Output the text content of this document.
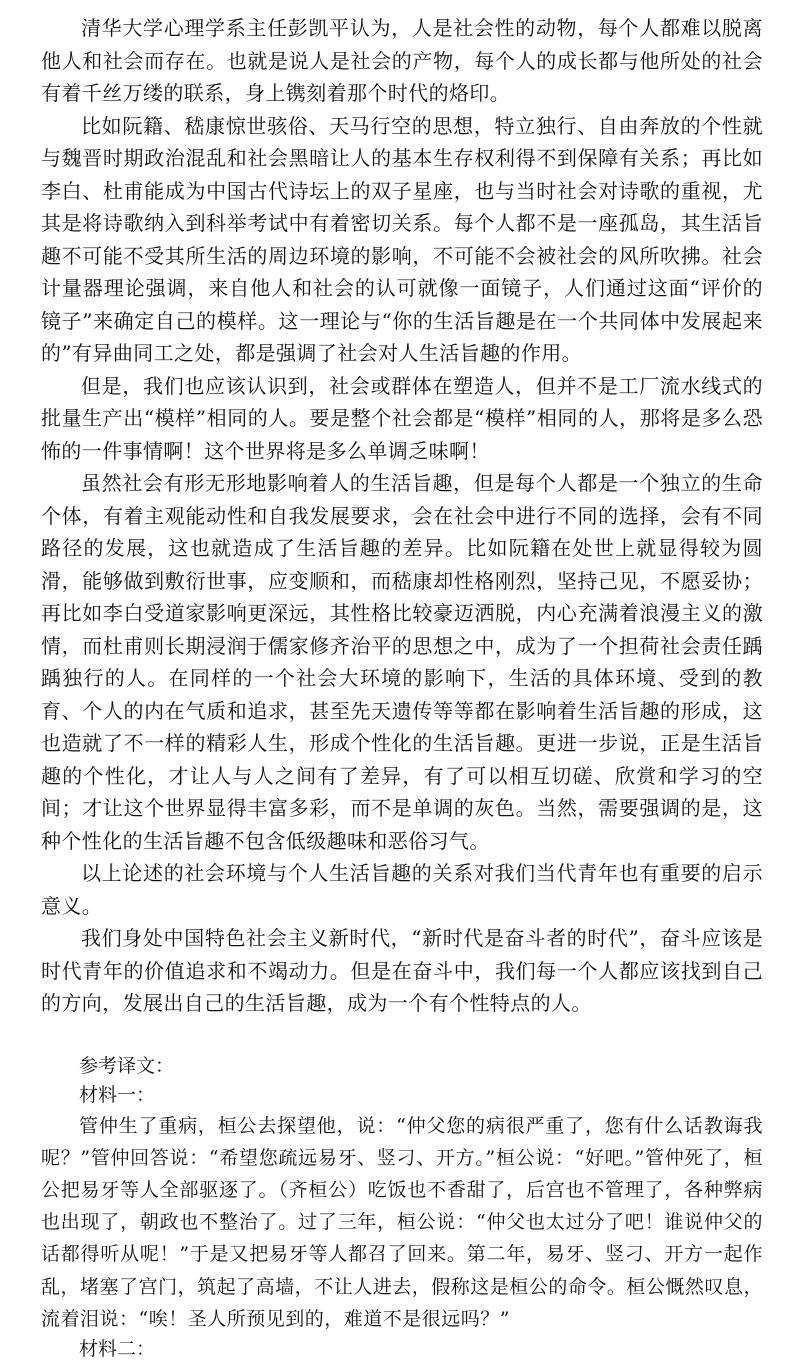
清华大学心理学系主任彭凯平认为，人是社会性的动物，每个人都难以脱离他人和社会而存在。也就是说人是社会的产物，每个人的成长都与他所处的社会有着千丝万缕的联系，身上镌刻着那个时代的烙印。

比如阮籍、嵇康惊世骇俗、天马行空的思想，特立独行、自由奔放的个性就与魏晋时期政治混乱和社会黑暗让人的基本生存权利得不到保障有关系；再比如李白、杜甫能成为中国古代诗坛上的双子星座，也与当时社会对诗歌的重视，尤其是将诗歌纳入到科举考试中有着密切关系。每个人都不是一座孤岛，其生活旨趣不可能不受其所生活的周边环境的影响，不可能不会被社会的风所吹拂。社会计量器理论强调，来自他人和社会的认可就像一面镜子，人们通过这面“评价的镜子”来确定自己的模样。这一理论与“你的生活旨趣是在一个共同体中发展起来的”有异曲同工之处，都是强调了社会对人生活旨趣的作用。

但是，我们也应该认识到，社会或群体在塑造人，但并不是工厂流水线式的批量生产出“模样”相同的人。要是整个社会都是“模样”相同的人，那将是多么恐怖的一件事情啊！这个世界将是多么单调乏味啊！

虽然社会有形无形地影响着人的生活旨趣，但是每个人都是一个独立的生命个体，有着主观能动性和自我发展要求，会在社会中进行不同的选择，会有不同路径的发展，这也就造成了生活旨趣的差异。比如阮籍在处世上就显得较为圆滑，能够做到敷衍世事，应变顺和，而嵇康却性格刚烈，坚持己见，不愿妥协；再比如李白受道家影响更深远，其性格比较豪迈洒脱，内心充满着浪漫主义的激情，而杜甫则长期浸润于儒家修齐治平的思想之中，成为了一个担荷社会责任踽踽独行的人。在同样的一个社会大环境的影响下，生活的具体环境、受到的教育、个人的内在气质和追求，甚至先天遗传等等都在影响着生活旨趣的形成，这也造就了不一样的精彩人生，形成个性化的生活旨趣。更进一步说，正是生活旨趣的个性化，才让人与人之间有了差异，有了可以相互切磋、欣赏和学习的空间；才让这个世界显得丰富多彩，而不是单调的灰色。当然，需要强调的是，这种个性化的生活旨趣不包含低级趣味和恶俗习气。

以上论述的社会环境与个人生活旨趣的关系对我们当代青年也有重要的启示意义。

我们身处中国特色社会主义新时代，“新时代是奋斗者的时代”，奋斗应该是时代青年的价值追求和不竭动力。但是在奋斗中，我们每一个人都应该找到自己的方向，发展出自己的生活旨趣，成为一个有个性特点的人。

参考译文：

材料一：

管仲生了重病，桓公去探望他，说：“仲父您的病很严重了，您有什么话教诲我呢？”管仲回答说：“希望您疏远易牙、竖刁、开方。”桓公说：“好吧。”管仲死了，桓公把易牙等人全部驱逐了。（齐桓公）吃饭也不香甜了，后宫也不管理了，各种弊病也出现了，朝政也不整治了。过了三年，桓公说：“仲父也太过分了吧！谁说仲父的话都得听从呢！”于是又把易牙等人都召了回来。第二年，易牙、竖刁、开方一起作乱，堵塞了宫门，筑起了高墙，不让人进去，假称这是桓公的命令。桓公慨然叹息，流着泪说：“唉！圣人所预见到的，难道不是很远吗？”

材料二：
